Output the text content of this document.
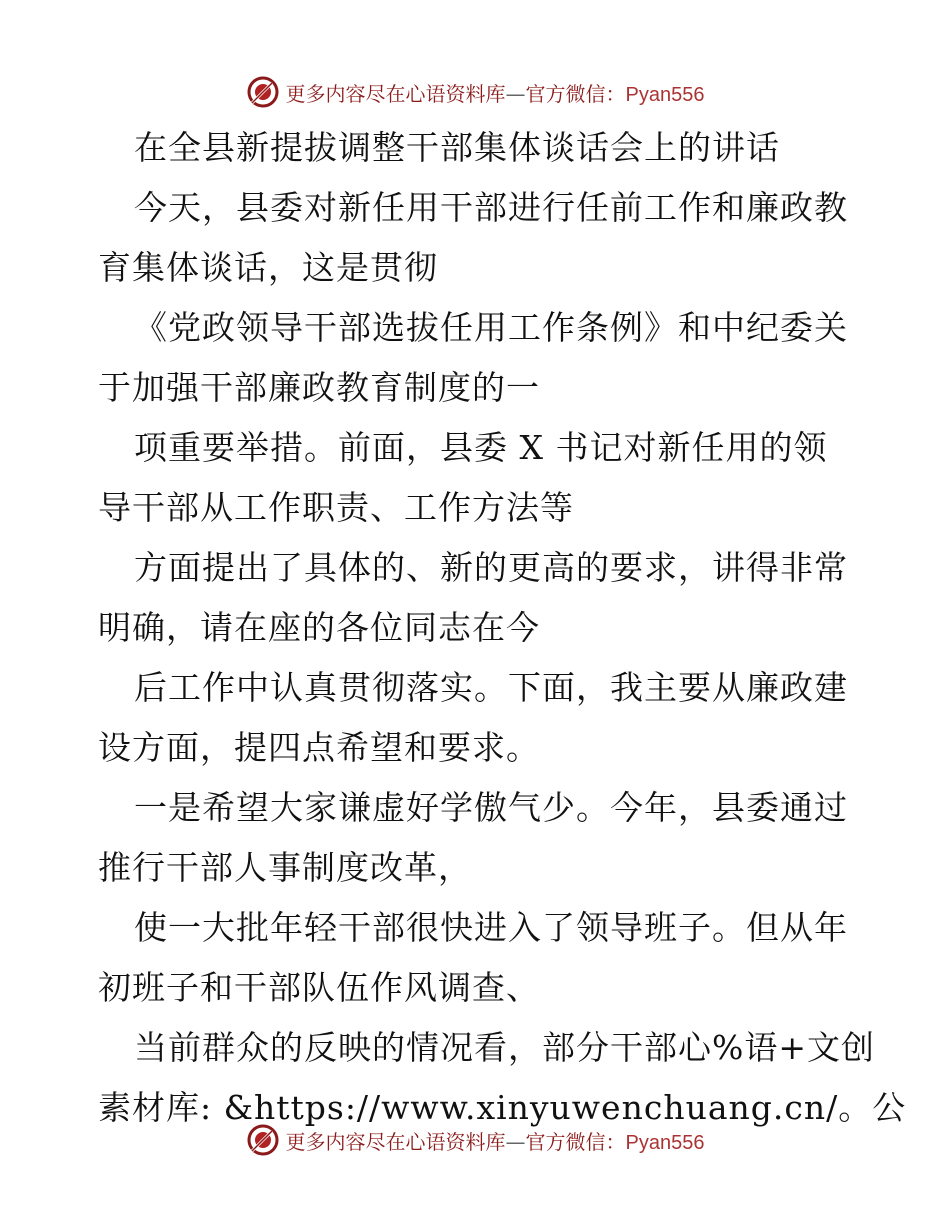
更多内容尽在心语资料库—官方微信：Pyan556
在全县新提拔调整干部集体谈话会上的讲话
今天，县委对新任用干部进行任前工作和廉政教
育集体谈话，这是贯彻
《党政领导干部选拔任用工作条例》和中纪委关
于加强干部廉政教育制度的一
项重要举措。前面，县委 X 书记对新任用的领
导干部从工作职责、工作方法等
方面提出了具体的、新的更高的要求，讲得非常
明确，请在座的各位同志在今
后工作中认真贯彻落实。下面，我主要从廉政建
设方面，提四点希望和要求。
一是希望大家谦虚好学傲气少。今年，县委通过
推行干部人事制度改革，
使一大批年轻干部很快进入了领导班子。但从年
初班子和干部队伍作风调查、
当前群众的反映的情况看，部分干部心%语+文创
素材库: &https://www.xinyuwenchuang.cn/。公
更多内容尽在心语资料库—官方微信：Pyan556
